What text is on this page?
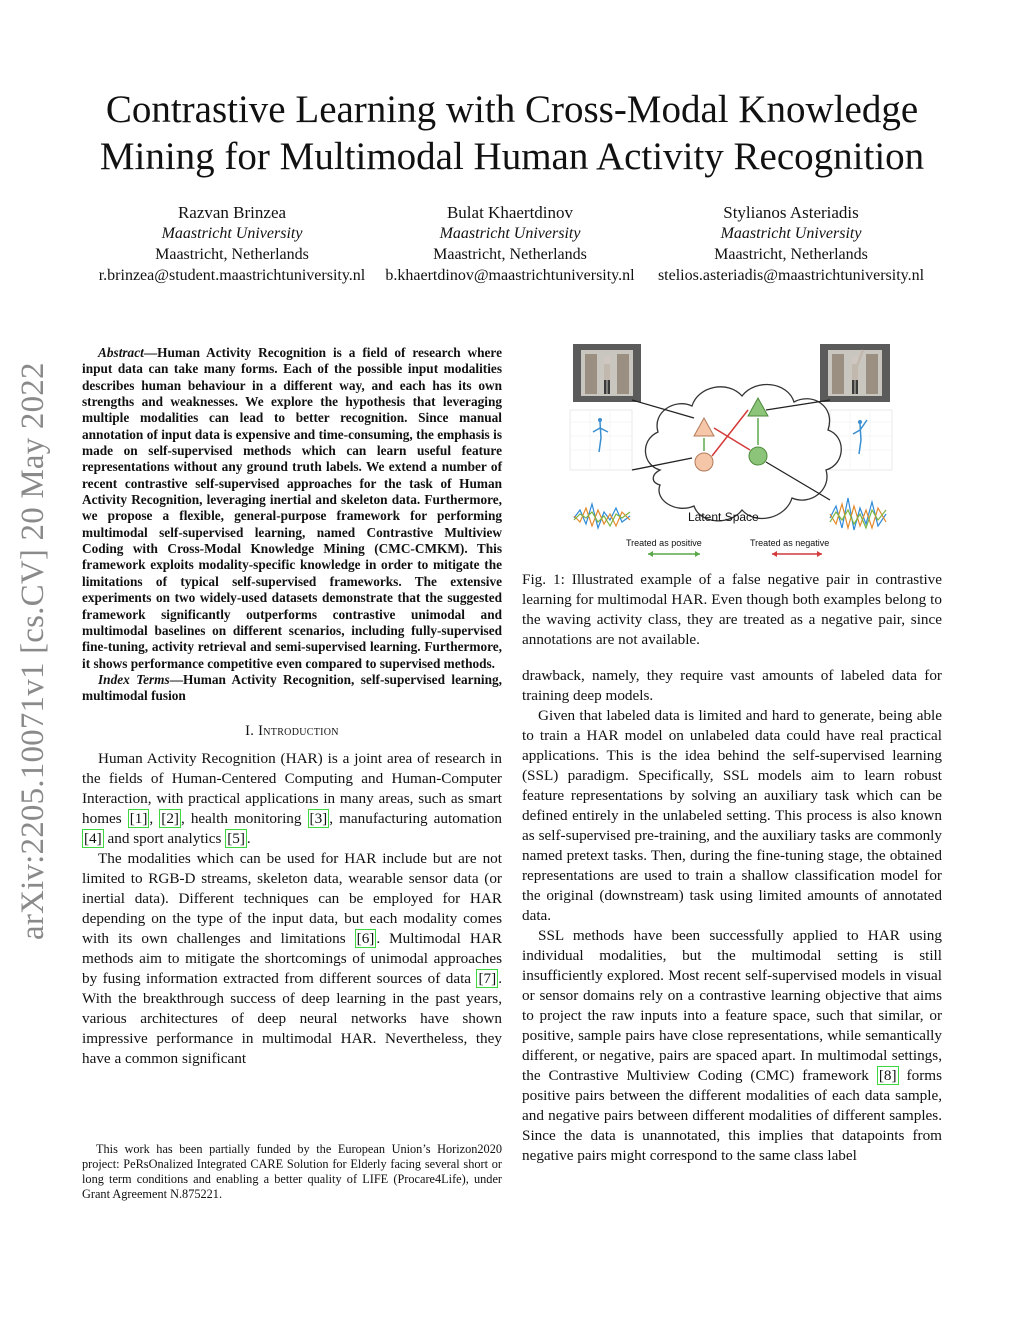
arXiv:2205.10071v1 [cs.CV] 20 May 2022
Contrastive Learning with Cross-Modal Knowledge
Mining for Multimodal Human Activity Recognition
Razvan Brinzea
Maastricht University
Maastricht, Netherlands
r.brinzea@student.maastrichtuniversity.nl
Bulat Khaertdinov
Maastricht University
Maastricht, Netherlands
b.khaertdinov@maastrichtuniversity.nl
Stylianos Asteriadis
Maastricht University
Maastricht, Netherlands
stelios.asteriadis@maastrichtuniversity.nl

Abstract—Human Activity Recognition is a field of research where input data can take many forms. Each of the possible input modalities describes human behaviour in a different way, and each has its own strengths and weaknesses. We explore the hypothesis that leveraging multiple modalities can lead to better recognition. Since manual annotation of input data is expensive and time-consuming, the emphasis is made on self-supervised methods which can learn useful feature representations without any ground truth labels. We extend a number of recent contrastive self-supervised approaches for the task of Human Activity Recognition, leveraging inertial and skeleton data. Furthermore, we propose a flexible, general-purpose framework for performing multimodal self-supervised learning, named Contrastive Multiview Coding with Cross-Modal Knowledge Mining (CMC-CMKM). This framework exploits modality-specific knowledge in order to mitigate the limitations of typical self-supervised frameworks. The extensive experiments on two widely-used datasets demonstrate that the suggested framework significantly outperforms contrastive unimodal and multimodal baselines on different scenarios, including fully-supervised fine-tuning, activity retrieval and semi-supervised learning. Furthermore, it shows performance competitive even compared to supervised methods.

Index Terms—Human Activity Recognition, self-supervised learning, multimodal fusion

I. Introduction

Human Activity Recognition (HAR) is a joint area of research in the fields of Human-Centered Computing and Human-Computer Interaction, with practical applications in many areas, such as smart homes [1] , [2] , health monitoring [3] , manufacturing automation [4] and sport analytics [5] .

The modalities which can be used for HAR include but are not limited to RGB-D streams, skeleton data, wearable sensor data (or inertial data). Different techniques can be employed for HAR depending on the type of the input data, but each modality comes with its own challenges and limitations [6] . Multimodal HAR methods aim to mitigate the shortcomings of unimodal approaches by fusing information extracted from different sources of data [7] . With the breakthrough success of deep learning in the past years, various architectures of deep neural networks have shown impressive performance in multimodal HAR. Nevertheless, they have a common significant

This work has been partially funded by the European Union’s Horizon2020 project: PeRsOnalized Integrated CARE Solution for Elderly facing several short or long term conditions and enabling a better quality of LIFE (Procare4Life), under Grant Agreement N.875221.
Latent Space
Treated as positive	Treated as negative
Fig. 1: Illustrated example of a false negative pair in contrastive learning for multimodal HAR. Even though both examples belong to the waving activity class, they are treated as a negative pair, since annotations are not available.

drawback, namely, they require vast amounts of labeled data for training deep models.

Given that labeled data is limited and hard to generate, being able to train a HAR model on unlabeled data could have real practical applications. This is the idea behind the self-supervised learning (SSL) paradigm. Specifically, SSL models aim to learn robust feature representations by solving an auxiliary task which can be defined entirely in the unlabeled setting. This process is also known as self-supervised pre-training, and the auxiliary tasks are commonly named pretext tasks. Then, during the fine-tuning stage, the obtained representations are used to train a shallow classification model for the original (downstream) task using limited amounts of annotated data.

SSL methods have been successfully applied to HAR using individual modalities, but the multimodal setting is still insufficiently explored. Most recent self-supervised models in visual or sensor domains rely on a contrastive learning objective that aims to project the raw inputs into a feature space, such that similar, or positive, sample pairs have close representations, while semantically different, or negative, pairs are spaced apart. In multimodal settings, the Contrastive Multiview Coding (CMC) framework [8] forms positive pairs between the different modalities of each data sample, and negative pairs between different modalities of different samples. Since the data is unannotated, this implies that datapoints from negative pairs might correspond to the same class label
